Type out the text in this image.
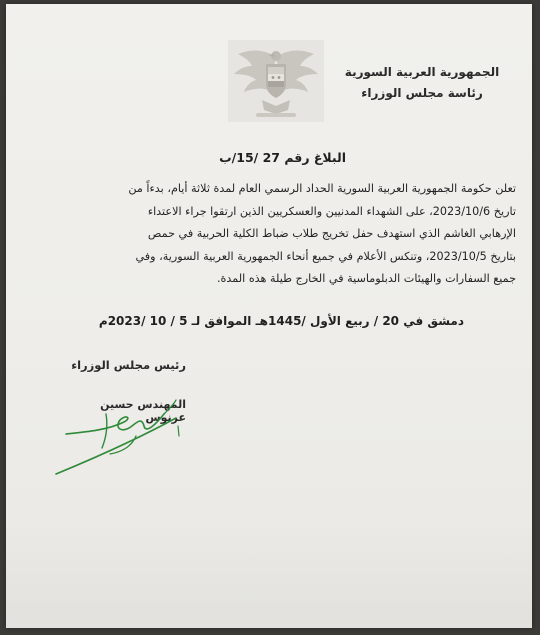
الجمهورية العربية السورية
رئاسة مجلس الوزراء
البلاغ رقم 27 /15/ب
تعلن حكومة الجمهورية العربية السورية الحداد الرسمي العام لمدة ثلاثة أيام، بدءاً من
تاريخ 2023/10/6، على الشهداء المدنيين والعسكريين الذين ارتقوا جراء الاعتداء
الإرهابي الغاشم الذي استهدف حفل تخريج طلاب ضباط الكلية الحربية في حمص
بتاريخ 2023/10/5، وتنكس الأعلام في جميع أنحاء الجمهورية العربية السورية، وفي
جميع السفارات والهيئات الدبلوماسية في الخارج طيلة هذه المدة.
دمشق في 20 / ربيع الأول /1445هـ الموافق لـ 5 / 10 /2023م
رئيس مجلس الوزراء
المهندس حسين عرنوس
